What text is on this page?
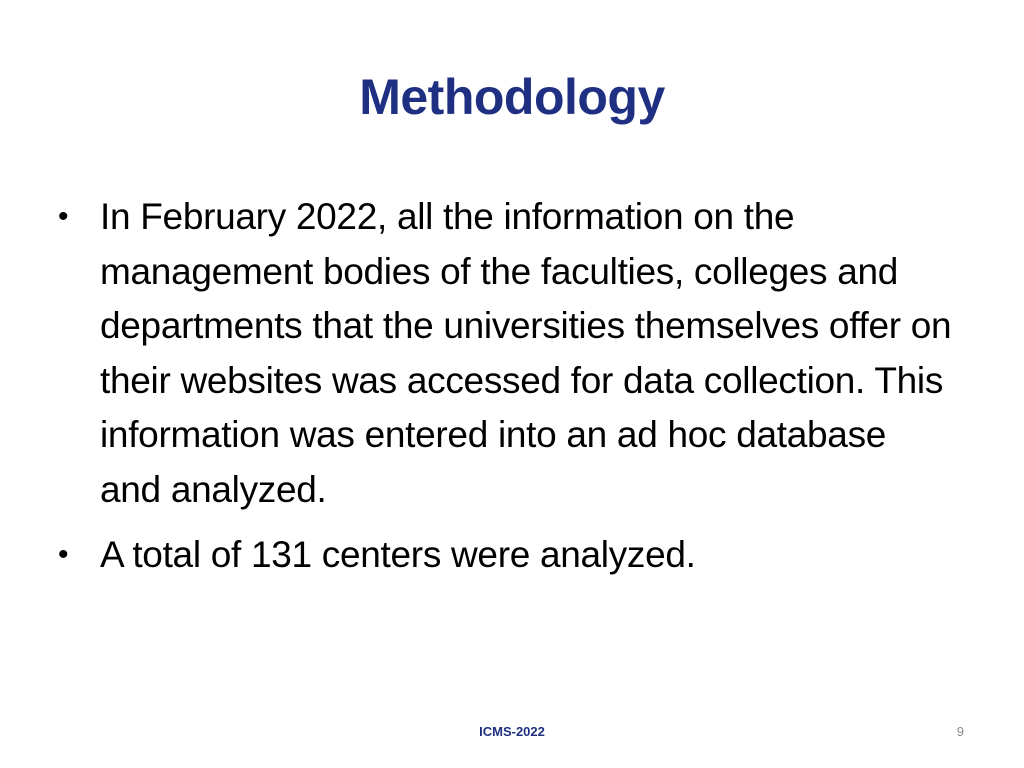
Methodology
• In February 2022, all the information on the management bodies of the faculties, colleges and departments that the universities themselves offer on their websites was accessed for data collection. This information was entered into an ad hoc database and analyzed.
• A total of 131 centers were analyzed.
ICMS-2022	9
